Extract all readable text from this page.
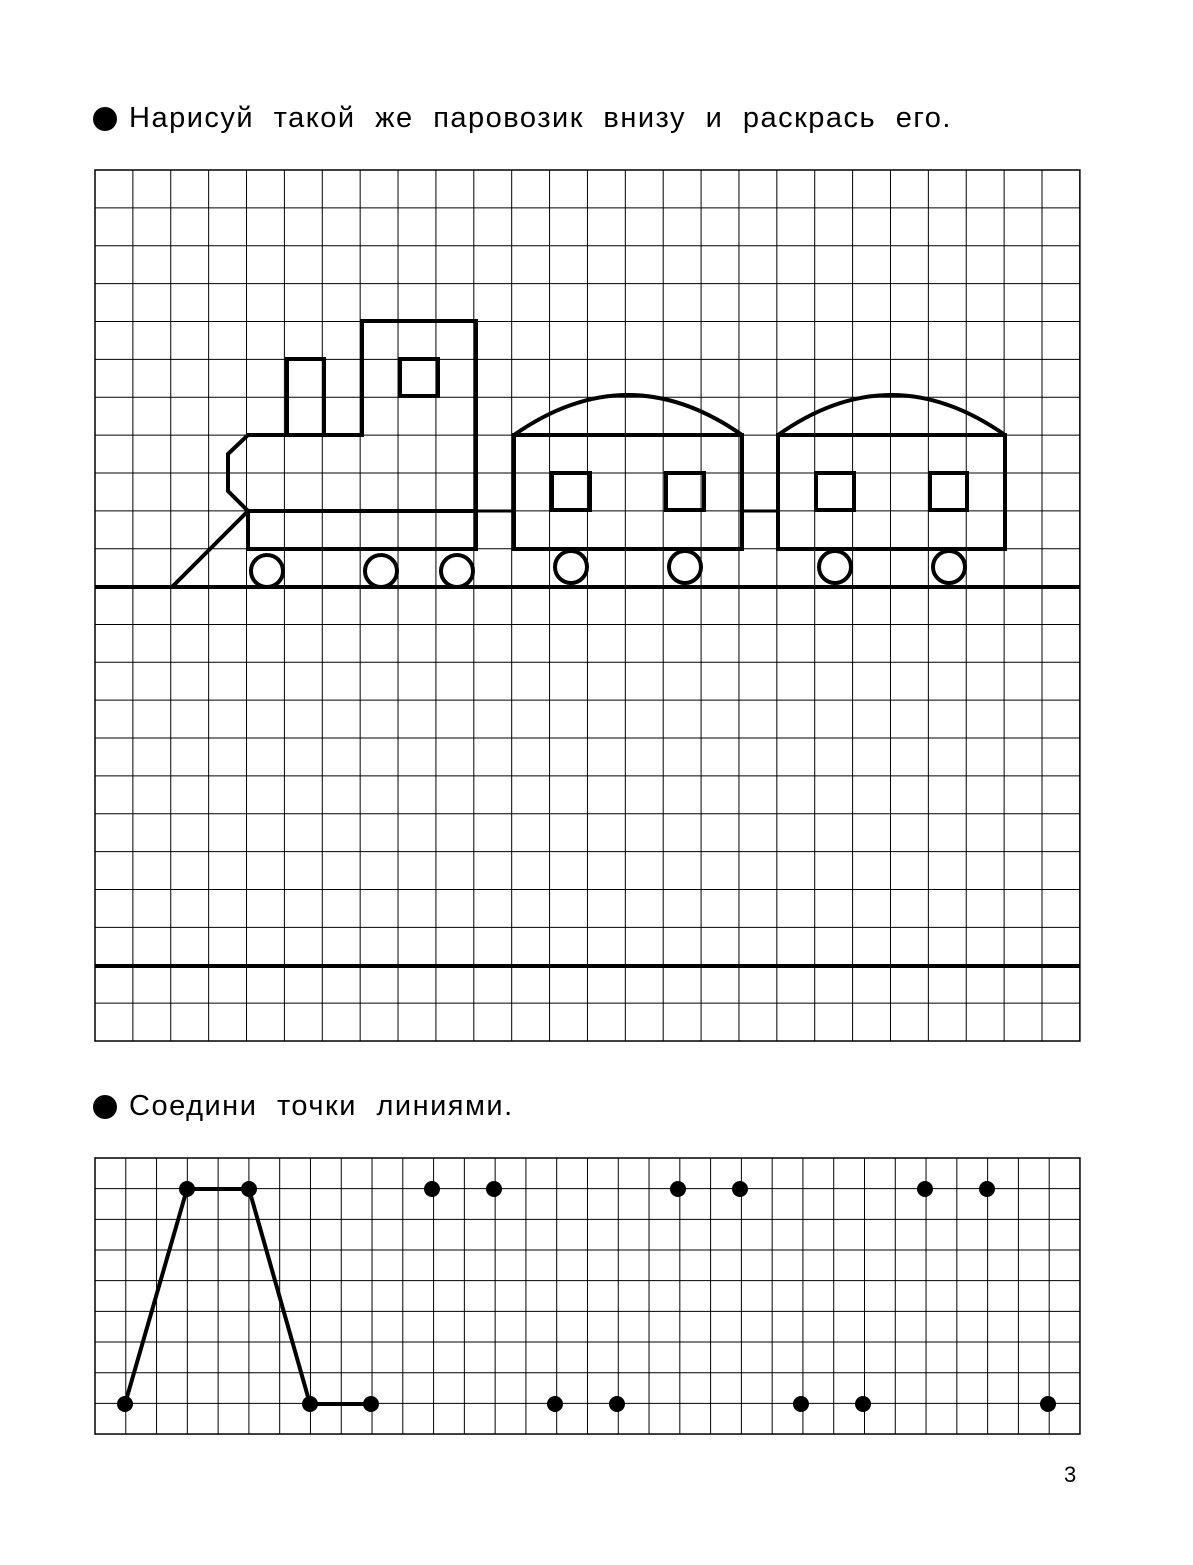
Нарисуй такой же паровозик внизу и раскрась его.
Соедини точки линиями.
3
